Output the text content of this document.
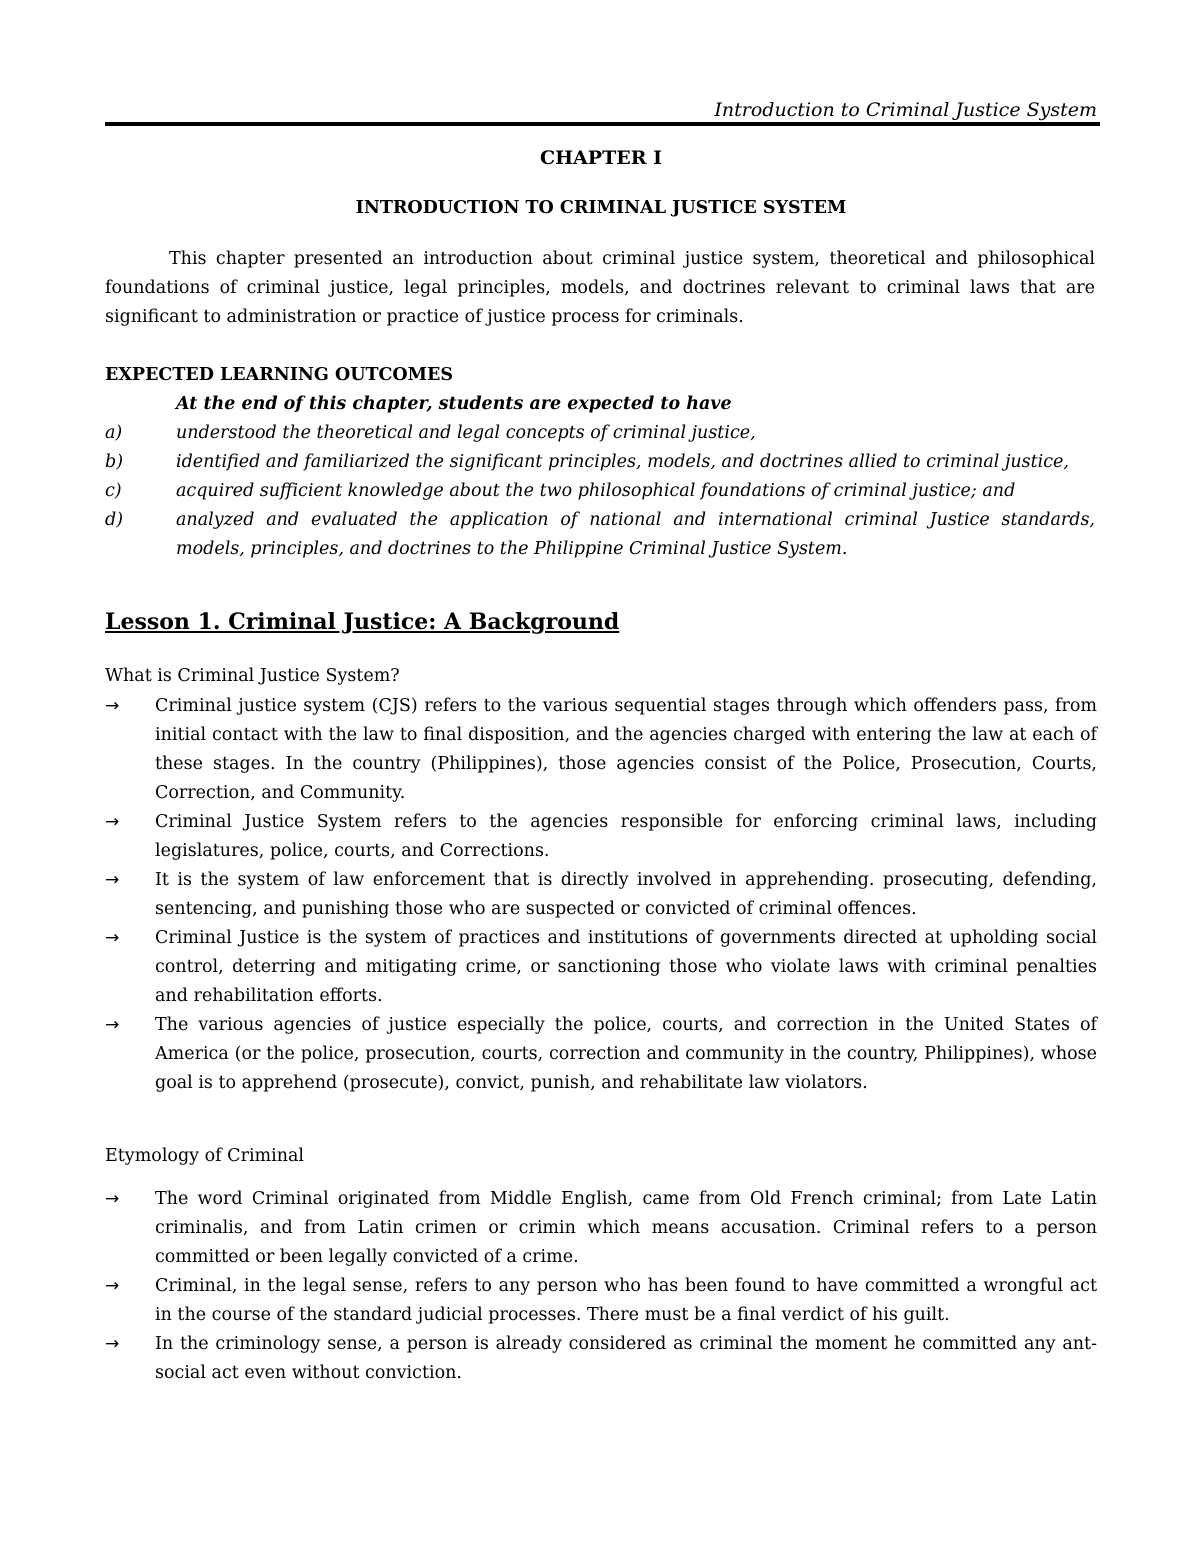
Introduction to Criminal Justice System
CHAPTER I
INTRODUCTION TO CRIMINAL JUSTICE SYSTEM
This chapter presented an introduction about criminal justice system, theoretical and philosophical foundations of criminal justice, legal principles, models, and doctrines relevant to criminal laws that are significant to administration or practice of justice process for criminals.
EXPECTED LEARNING OUTCOMES
At the end of this chapter, students are expected to have
a)	understood the theoretical and legal concepts of criminal justice,
b)	identified and familiarized the significant principles, models, and doctrines allied to criminal justice,
c)	acquired sufficient knowledge about the two philosophical foundations of criminal justice; and
d)	analyzed and evaluated the application of national and international criminal Justice standards, models, principles, and doctrines to the Philippine Criminal Justice System.
Lesson 1. Criminal Justice: A Background
What is Criminal Justice System?
→	Criminal justice system (CJS) refers to the various sequential stages through which offenders pass, from initial contact with the law to final disposition, and the agencies charged with entering the law at each of these stages. In the country (Philippines), those agencies consist of the Police, Prosecution, Courts, Correction, and Community.
→	Criminal Justice System refers to the agencies responsible for enforcing criminal laws, including legislatures, police, courts, and Corrections.
→	It is the system of law enforcement that is directly involved in apprehending. prosecuting, defending, sentencing, and punishing those who are suspected or convicted of criminal offences.
→	Criminal Justice is the system of practices and institutions of governments directed at upholding social control, deterring and mitigating crime, or sanctioning those who violate laws with criminal penalties and rehabilitation efforts.
→	The various agencies of justice especially the police, courts, and correction in the United States of America (or the police, prosecution, courts, correction and community in the country, Philippines), whose goal is to apprehend (prosecute), convict, punish, and rehabilitate law violators.
Etymology of Criminal
→	The word Criminal originated from Middle English, came from Old French criminal; from Late Latin criminalis, and from Latin crimen or crimin which means accusation. Criminal refers to a person committed or been legally convicted of a crime.
→	Criminal, in the legal sense, refers to any person who has been found to have committed a wrongful act in the course of the standard judicial processes. There must be a final verdict of his guilt.
→	In the criminology sense, a person is already considered as criminal the moment he committed any ant-social act even without conviction.
